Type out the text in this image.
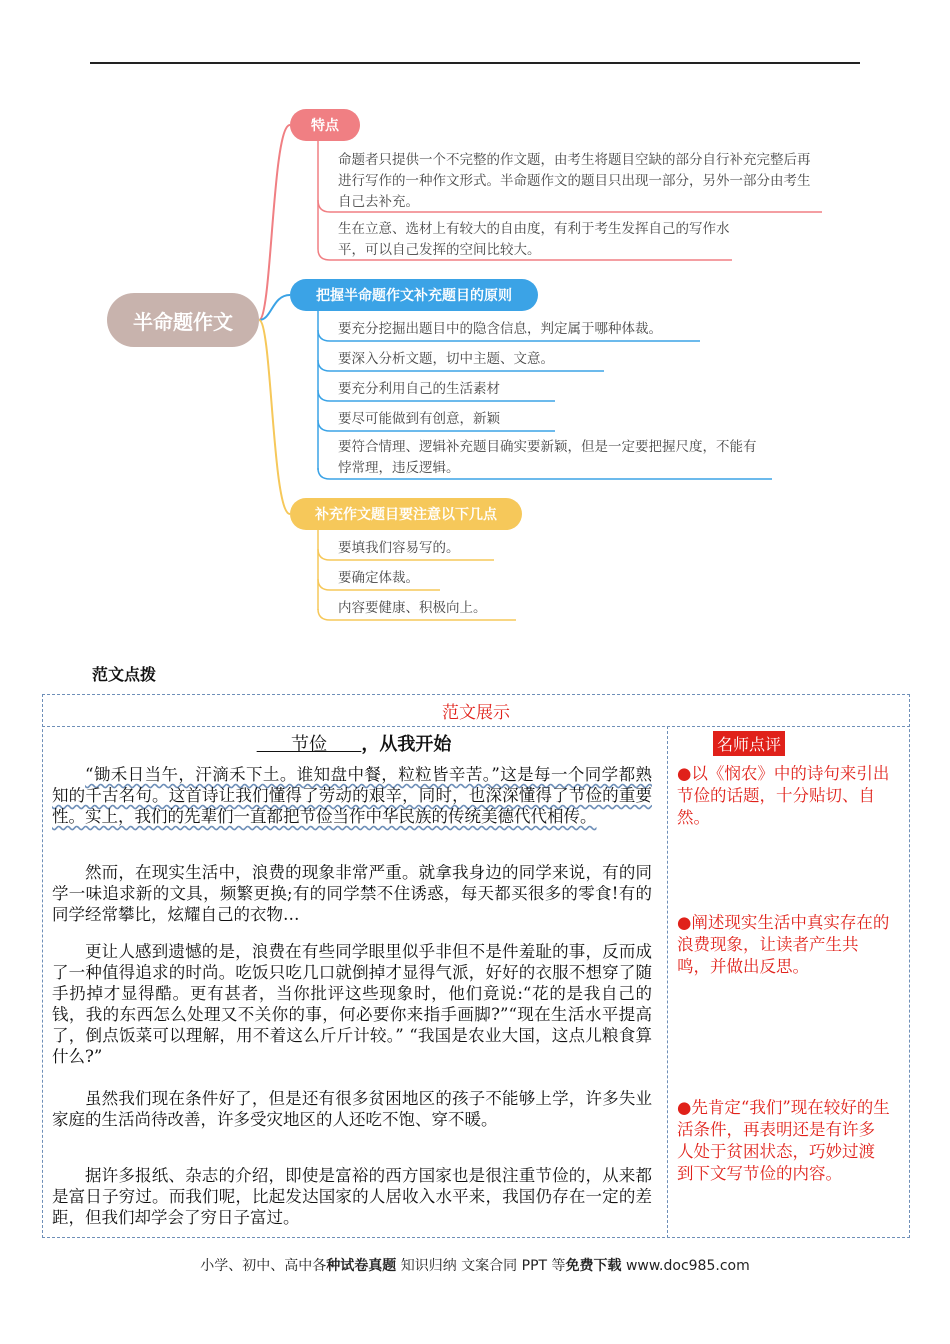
半命题作文
特点
把握半命题作文补充题目的原则
补充作文题目要注意以下几点
命题者只提供一个不完整的作文题，由考生将题目空缺的部分自行补充完整后再进行写作的一种作文形式。半命题作文的题目只出现一部分，另外一部分由考生自己去补充。
生在立意、选材上有较大的自由度，有利于考生发挥自己的写作水平，可以自己发挥的空间比较大。
要充分挖掘出题目中的隐含信息，判定属于哪种体裁。
要深入分析文题，切中主题、文意。
要充分利用自己的生活素材
要尽可能做到有创意，新颖
要符合情理、逻辑补充题目确实要新颖，但是一定要把握尺度，不能有悖常理，违反逻辑。
要填我们容易写的。
要确定体裁。
内容要健康、积极向上。
范文点拨
范文展示
节俭 ，从我开始
“锄禾日当午，汗滴禾下土。谁知盘中餐，粒粒皆辛苦。”这是每一个同学都熟知的千古名句。这首诗让我们懂得了劳动的艰辛，同时，也深深懂得了节俭的重要性。实上，我们的先辈们一直都把节俭当作中华民族的传统美德代代相传。
然而，在现实生活中，浪费的现象非常严重。就拿我身边的同学来说，有的同学一味追求新的文具，频繁更换;有的同学禁不住诱惑，每天都买很多的零食!有的同学经常攀比，炫耀自己的衣物…
更让人感到遗憾的是，浪费在有些同学眼里似乎非但不是件羞耻的事，反而成了一种值得追求的时尚。吃饭只吃几口就倒掉才显得气派，好好的衣服不想穿了随手扔掉才显得酷。更有甚者，当你批评这些现象时，他们竟说:“花的是我自己的钱，我的东西怎么处理又不关你的事，何必要你来指手画脚?”“现在生活水平提高了，倒点饭菜可以理解，用不着这么斤斤计较。” “我国是农业大国，这点儿粮食算什么?”
虽然我们现在条件好了，但是还有很多贫困地区的孩子不能够上学，许多失业家庭的生活尚待改善，许多受灾地区的人还吃不饱、穿不暖。
据许多报纸、杂志的介绍，即使是富裕的西方国家也是很注重节俭的，从来都是富日子穷过。而我们呢，比起发达国家的人居收入水平来，我国仍存在一定的差距，但我们却学会了穷日子富过。
名师点评
●以《悯农》中的诗句来引出节俭的话题，十分贴切、自然。
●阐述现实生活中真实存在的浪费现象，让读者产生共鸣，并做出反思。
●先肯定“我们”现在较好的生活条件，再表明还是有许多人处于贫困状态，巧妙过渡到下文写节俭的内容。
小学、初中、高中各种试卷真题 知识归纳 文案合同 PPT 等免费下载 www.doc985.com
